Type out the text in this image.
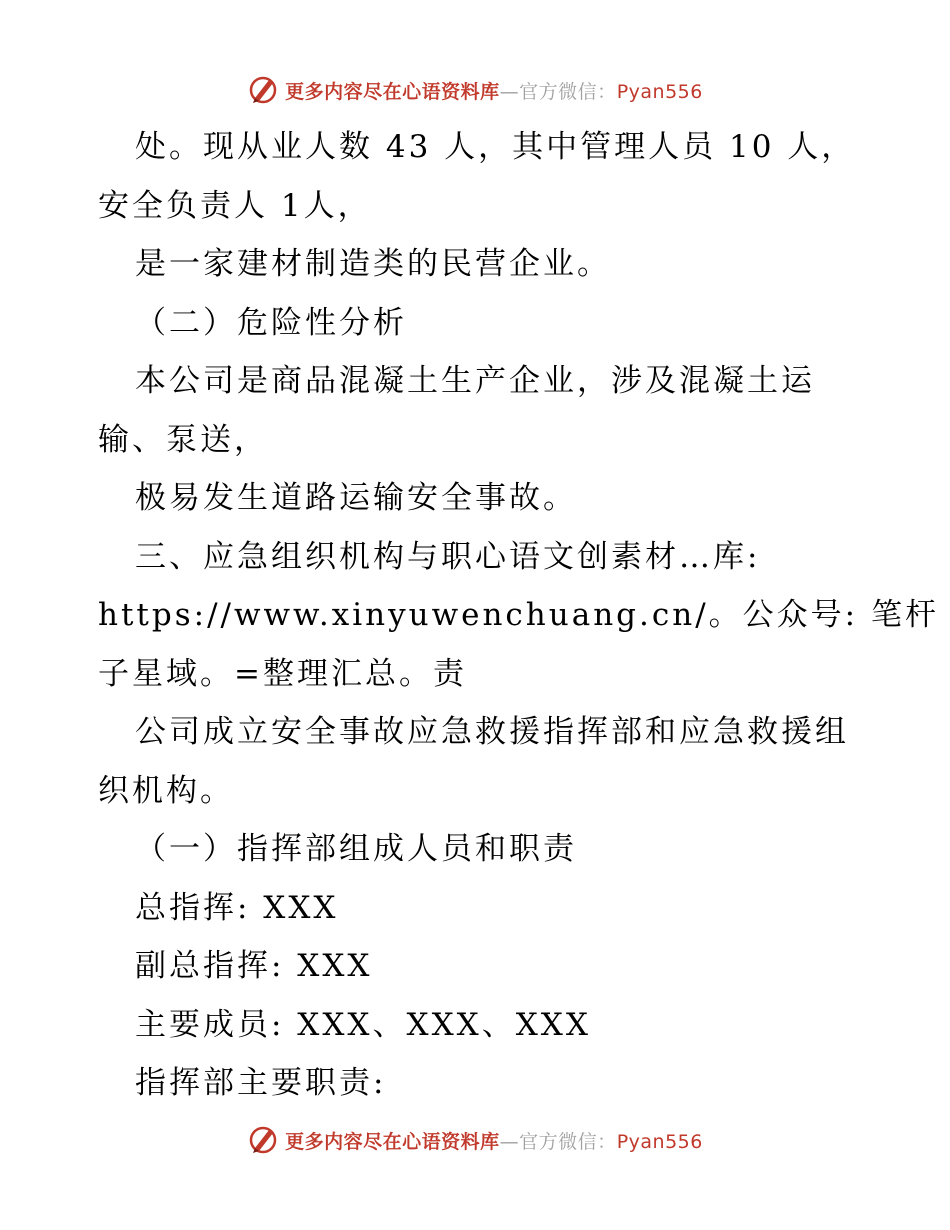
更多内容尽在心语资料库—官方微信：Pyan556

处。现从业人数 43 人，其中管理人员 10 人，

安全负责人 1人，

是一家建材制造类的民营企业。

（二）危险性分析

本公司是商品混凝土生产企业，涉及混凝土运

输、泵送，

极易发生道路运输安全事故。

三、应急组织机构与职心语文创素材…库:

https://www.xinyuwenchuang.cn/。公众号: 笔杆

子星域。=整理汇总。责

公司成立安全事故应急救援指挥部和应急救援组

织机构。

（一）指挥部组成人员和职责

总指挥: XXX

副总指挥: XXX

主要成员: XXX、XXX、XXX

指挥部主要职责:

更多内容尽在心语资料库—官方微信：Pyan556
